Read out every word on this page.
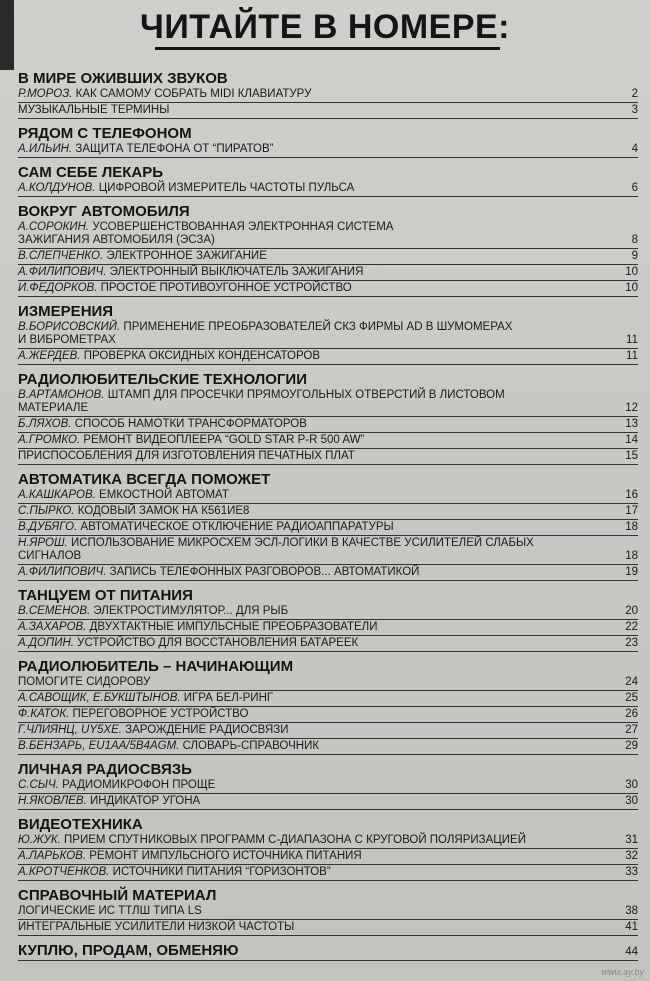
ЧИТАЙТЕ В НОМЕРЕ:
В МИРЕ ОЖИВШИХ ЗВУКОВ
Р.МОРОЗ. КАК САМОМУ СОБРАТЬ MIDI КЛАВИАТУРУ	2
МУЗЫКАЛЬНЫЕ ТЕРМИНЫ	3
РЯДОМ С ТЕЛЕФОНОМ
А.ИЛЬИН. ЗАЩИТА ТЕЛЕФОНА ОТ “ПИРАТОВ”	4
САМ СЕБЕ ЛЕКАРЬ
А.КОЛДУНОВ. ЦИФРОВОЙ ИЗМЕРИТЕЛЬ ЧАСТОТЫ ПУЛЬСА	6
ВОКРУГ АВТОМОБИЛЯ
А.СОРОКИН. УСОВЕРШЕНСТВОВАННАЯ ЭЛЕКТРОННАЯ СИСТЕМА
ЗАЖИГАНИЯ АВТОМОБИЛЯ (ЭСЗА)	8
В.СЛЕПЧЕНКО. ЭЛЕКТРОННОЕ ЗАЖИГАНИЕ	9
А.ФИЛИПОВИЧ. ЭЛЕКТРОННЫЙ ВЫКЛЮЧАТЕЛЬ ЗАЖИГАНИЯ	10
И.ФЕДОРКОВ. ПРОСТОЕ ПРОТИВОУГОННОЕ УСТРОЙСТВО	10
ИЗМЕРЕНИЯ
В.БОРИСОВСКИЙ. ПРИМЕНЕНИЕ ПРЕОБРАЗОВАТЕЛЕЙ СКЗ ФИРМЫ AD В ШУМОМЕРАХ
И ВИБРОМЕТРАХ	11
А.ЖЕРДЕВ. ПРОВЕРКА ОКСИДНЫХ КОНДЕНСАТОРОВ	11
РАДИОЛЮБИТЕЛЬСКИЕ ТЕХНОЛОГИИ
В.АРТАМОНОВ. ШТАМП ДЛЯ ПРОСЕЧКИ ПРЯМОУГОЛЬНЫХ ОТВЕРСТИЙ В ЛИСТОВОМ
МАТЕРИАЛЕ	12
Б.ЛЯХОВ. СПОСОБ НАМОТКИ ТРАНСФОРМАТОРОВ	13
А.ГРОМКО. РЕМОНТ ВИДЕОПЛЕЕРА “GOLD STAR P-R 500 AW”	14
ПРИСПОСОБЛЕНИЯ ДЛЯ ИЗГОТОВЛЕНИЯ ПЕЧАТНЫХ ПЛАТ	15
АВТОМАТИКА ВСЕГДА ПОМОЖЕТ
А.КАШКАРОВ. ЕМКОСТНОЙ АВТОМАТ	16
С.ПЫРКО. КОДОВЫЙ ЗАМОК НА К561ИЕ8	17
В.ДУБЯГО. АВТОМАТИЧЕСКОЕ ОТКЛЮЧЕНИЕ РАДИОАППАРАТУРЫ	18
Н.ЯРОШ. ИСПОЛЬЗОВАНИЕ МИКРОСХЕМ ЭСЛ-ЛОГИКИ В КАЧЕСТВЕ УСИЛИТЕЛЕЙ СЛАБЫХ
СИГНАЛОВ	18
А.ФИЛИПОВИЧ. ЗАПИСЬ ТЕЛЕФОННЫХ РАЗГОВОРОВ... АВТОМАТИКОЙ	19
ТАНЦУЕМ ОТ ПИТАНИЯ
В.СЕМЕНОВ. ЭЛЕКТРОСТИМУЛЯТОР... ДЛЯ РЫБ	20
А.ЗАХАРОВ. ДВУХТАКТНЫЕ ИМПУЛЬСНЫЕ ПРЕОБРАЗОВАТЕЛИ	22
А.ДОПИН. УСТРОЙСТВО ДЛЯ ВОССТАНОВЛЕНИЯ БАТАРЕЕК	23
РАДИОЛЮБИТЕЛЬ – НАЧИНАЮЩИМ
ПОМОГИТЕ СИДОРОВУ	24
А.САВОЩИК, Е.БУКШТЫНОВ. ИГРА БЕЛ-РИНГ	25
Ф.КАТОК. ПЕРЕГОВОРНОЕ УСТРОЙСТВО	26
Г.ЧЛИЯНЦ, UY5XE. ЗАРОЖДЕНИЕ РАДИОСВЯЗИ	27
В.БЕНЗАРЬ, EU1AA/5B4AGM. СЛОВАРЬ-СПРАВОЧНИК	29
ЛИЧНАЯ РАДИОСВЯЗЬ
С.СЫЧ. РАДИОМИКРОФОН ПРОЩЕ	30
Н.ЯКОВЛЕВ. ИНДИКАТОР УГОНА	30
ВИДЕОТЕХНИКА
Ю.ЖУК. ПРИЕМ СПУТНИКОВЫХ ПРОГРАММ С-ДИАПАЗОНА С КРУГОВОЙ ПОЛЯРИЗАЦИЕЙ	31
А.ЛАРЬКОВ. РЕМОНТ ИМПУЛЬСНОГО ИСТОЧНИКА ПИТАНИЯ	32
А.КРОТЧЕНКОВ. ИСТОЧНИКИ ПИТАНИЯ “ГОРИЗОНТОВ”	33
СПРАВОЧНЫЙ МАТЕРИАЛ
ЛОГИЧЕСКИЕ ИС ТТЛШ ТИПА LS	38
ИНТЕГРАЛЬНЫЕ УСИЛИТЕЛИ НИЗКОЙ ЧАСТОТЫ	41
КУПЛЮ, ПРОДАМ, ОБМЕНЯЮ	44
www.ay.by
